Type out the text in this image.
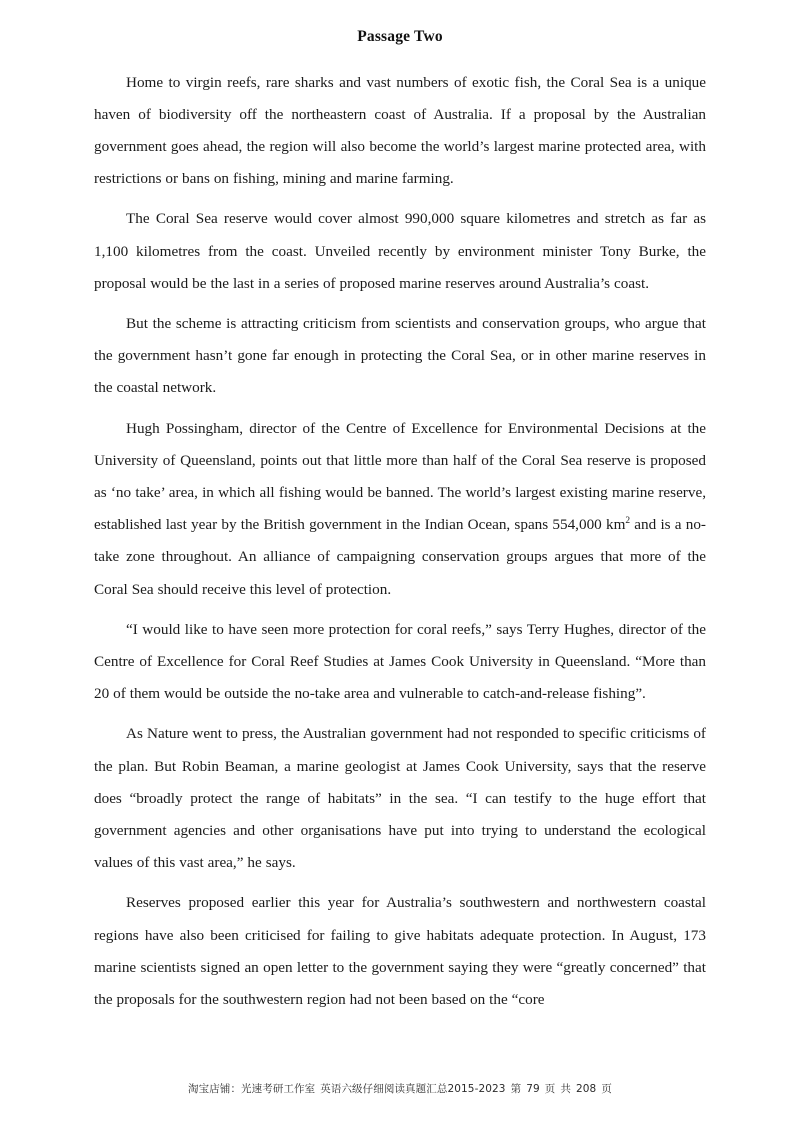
Passage Two

Home to virgin reefs, rare sharks and vast numbers of exotic fish, the Coral Sea is a unique haven of biodiversity off the northeastern coast of Australia. If a proposal by the Australian government goes ahead, the region will also become the world’s largest marine protected area, with restrictions or bans on fishing, mining and marine farming.

The Coral Sea reserve would cover almost 990,000 square kilometres and stretch as far as 1,100 kilometres from the coast. Unveiled recently by environment minister Tony Burke, the proposal would be the last in a series of proposed marine reserves around Australia’s coast.

But the scheme is attracting criticism from scientists and conservation groups, who argue that the government hasn’t gone far enough in protecting the Coral Sea, or in other marine reserves in the coastal network.

Hugh Possingham, director of the Centre of Excellence for Environmental Decisions at the University of Queensland, points out that little more than half of the Coral Sea reserve is proposed as ‘no take’ area, in which all fishing would be banned. The world’s largest existing marine reserve, established last year by the British government in the Indian Ocean, spans 554,000 $km^2$ and is a no-take zone throughout. An alliance of campaigning conservation groups argues that more of the Coral Sea should receive this level of protection.

“I would like to have seen more protection for coral reefs,” says Terry Hughes, director of the Centre of Excellence for Coral Reef Studies at James Cook University in Queensland. “More than 20 of them would be outside the no-take area and vulnerable to catch-and-release fishing”.

As Nature went to press, the Australian government had not responded to specific criticisms of the plan. But Robin Beaman, a marine geologist at James Cook University, says that the reserve does “broadly protect the range of habitats” in the sea. “I can testify to the huge effort that government agencies and other organisations have put into trying to understand the ecological values of this vast area,” he says.

Reserves proposed earlier this year for Australia’s southwestern and northwestern coastal regions have also been criticised for failing to give habitats adequate protection. In August, 173 marine scientists signed an open letter to the government saying they were “greatly concerned” that the proposals for the southwestern region had not been based on the “core

淘宝店铺：光速考研工作室 英语六级仔细阅读真题汇总2015-2023 第 79 页 共 208 页
